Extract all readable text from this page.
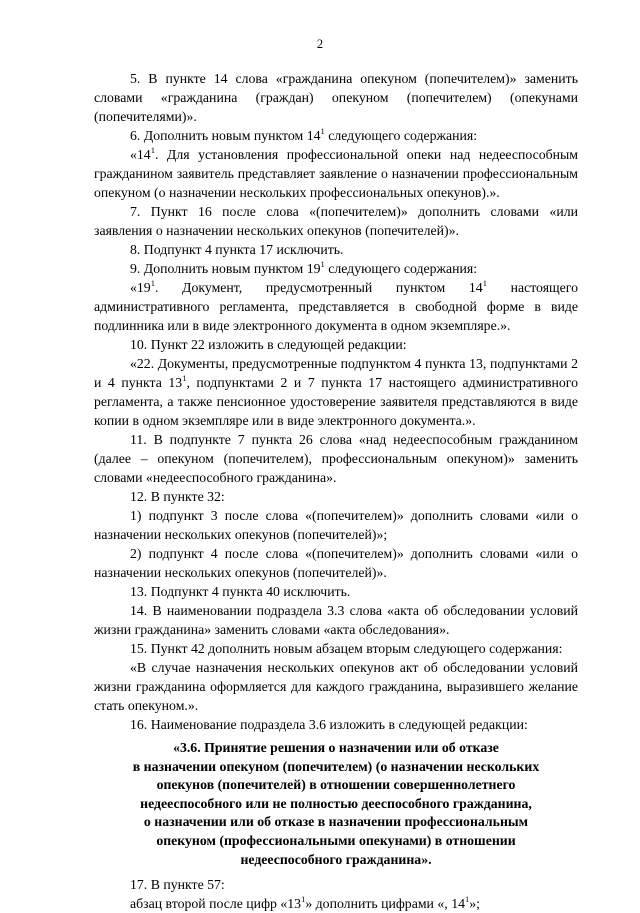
2

5. В пункте 14 слова «гражданина опекуном (попечителем)» заменить словами «гражданина (граждан) опекуном (попечителем) (опекунами (попечителями)».

6. Дополнить новым пунктом $14^1$ следующего содержания:

«$14^1$. Для установления профессиональной опеки над недееспособным гражданином заявитель представляет заявление о назначении профессиональным опекуном (о назначении нескольких профессиональных опекунов).».

7. Пункт 16 после слова «(попечителем)» дополнить словами «или заявления о назначении нескольких опекунов (попечителей)».

8. Подпункт 4 пункта 17 исключить.

9. Дополнить новым пунктом $19^1$ следующего содержания:

«$19^1$. Документ, предусмотренный пунктом $14^1$ настоящего административного регламента, представляется в свободной форме в виде подлинника или в виде электронного документа в одном экземпляре.».

10. Пункт 22 изложить в следующей редакции:

«22. Документы, предусмотренные подпунктом 4 пункта 13, подпунктами 2 и 4 пункта $13^1$, подпунктами 2 и 7 пункта 17 настоящего административного регламента, а также пенсионное удостоверение заявителя представляются в виде копии в одном экземпляре или в виде электронного документа.».

11. В подпункте 7 пункта 26 слова «над недееспособным гражданином (далее – опекуном (попечителем), профессиональным опекуном)» заменить словами «недееспособного гражданина».

12. В пункте 32:

1) подпункт 3 после слова «(попечителем)» дополнить словами «или о назначении нескольких опекунов (попечителей)»;

2) подпункт 4 после слова «(попечителем)» дополнить словами «или о назначении нескольких опекунов (попечителей)».

13. Подпункт 4 пункта 40 исключить.

14. В наименовании подраздела 3.3 слова «акта об обследовании условий жизни гражданина» заменить словами «акта обследования».

15. Пункт 42 дополнить новым абзацем вторым следующего содержания:

«В случае назначения нескольких опекунов акт об обследовании условий жизни гражданина оформляется для каждого гражданина, выразившего желание стать опекуном.».

16. Наименование подраздела 3.6 изложить в следующей редакции:

«3.6. Принятие решения о назначении или об отказе
в назначении опекуном (попечителем) (о назначении нескольких
опекунов (попечителей) в отношении совершеннолетнего
недееспособного или не полностью дееспособного гражданина,
о назначении или об отказе в назначении профессиональным
опекуном (профессиональными опекунами) в отношении
недееспособного гражданина».

17. В пункте 57:

абзац второй после цифр «$13^1$» дополнить цифрами «, $14^1$»;
